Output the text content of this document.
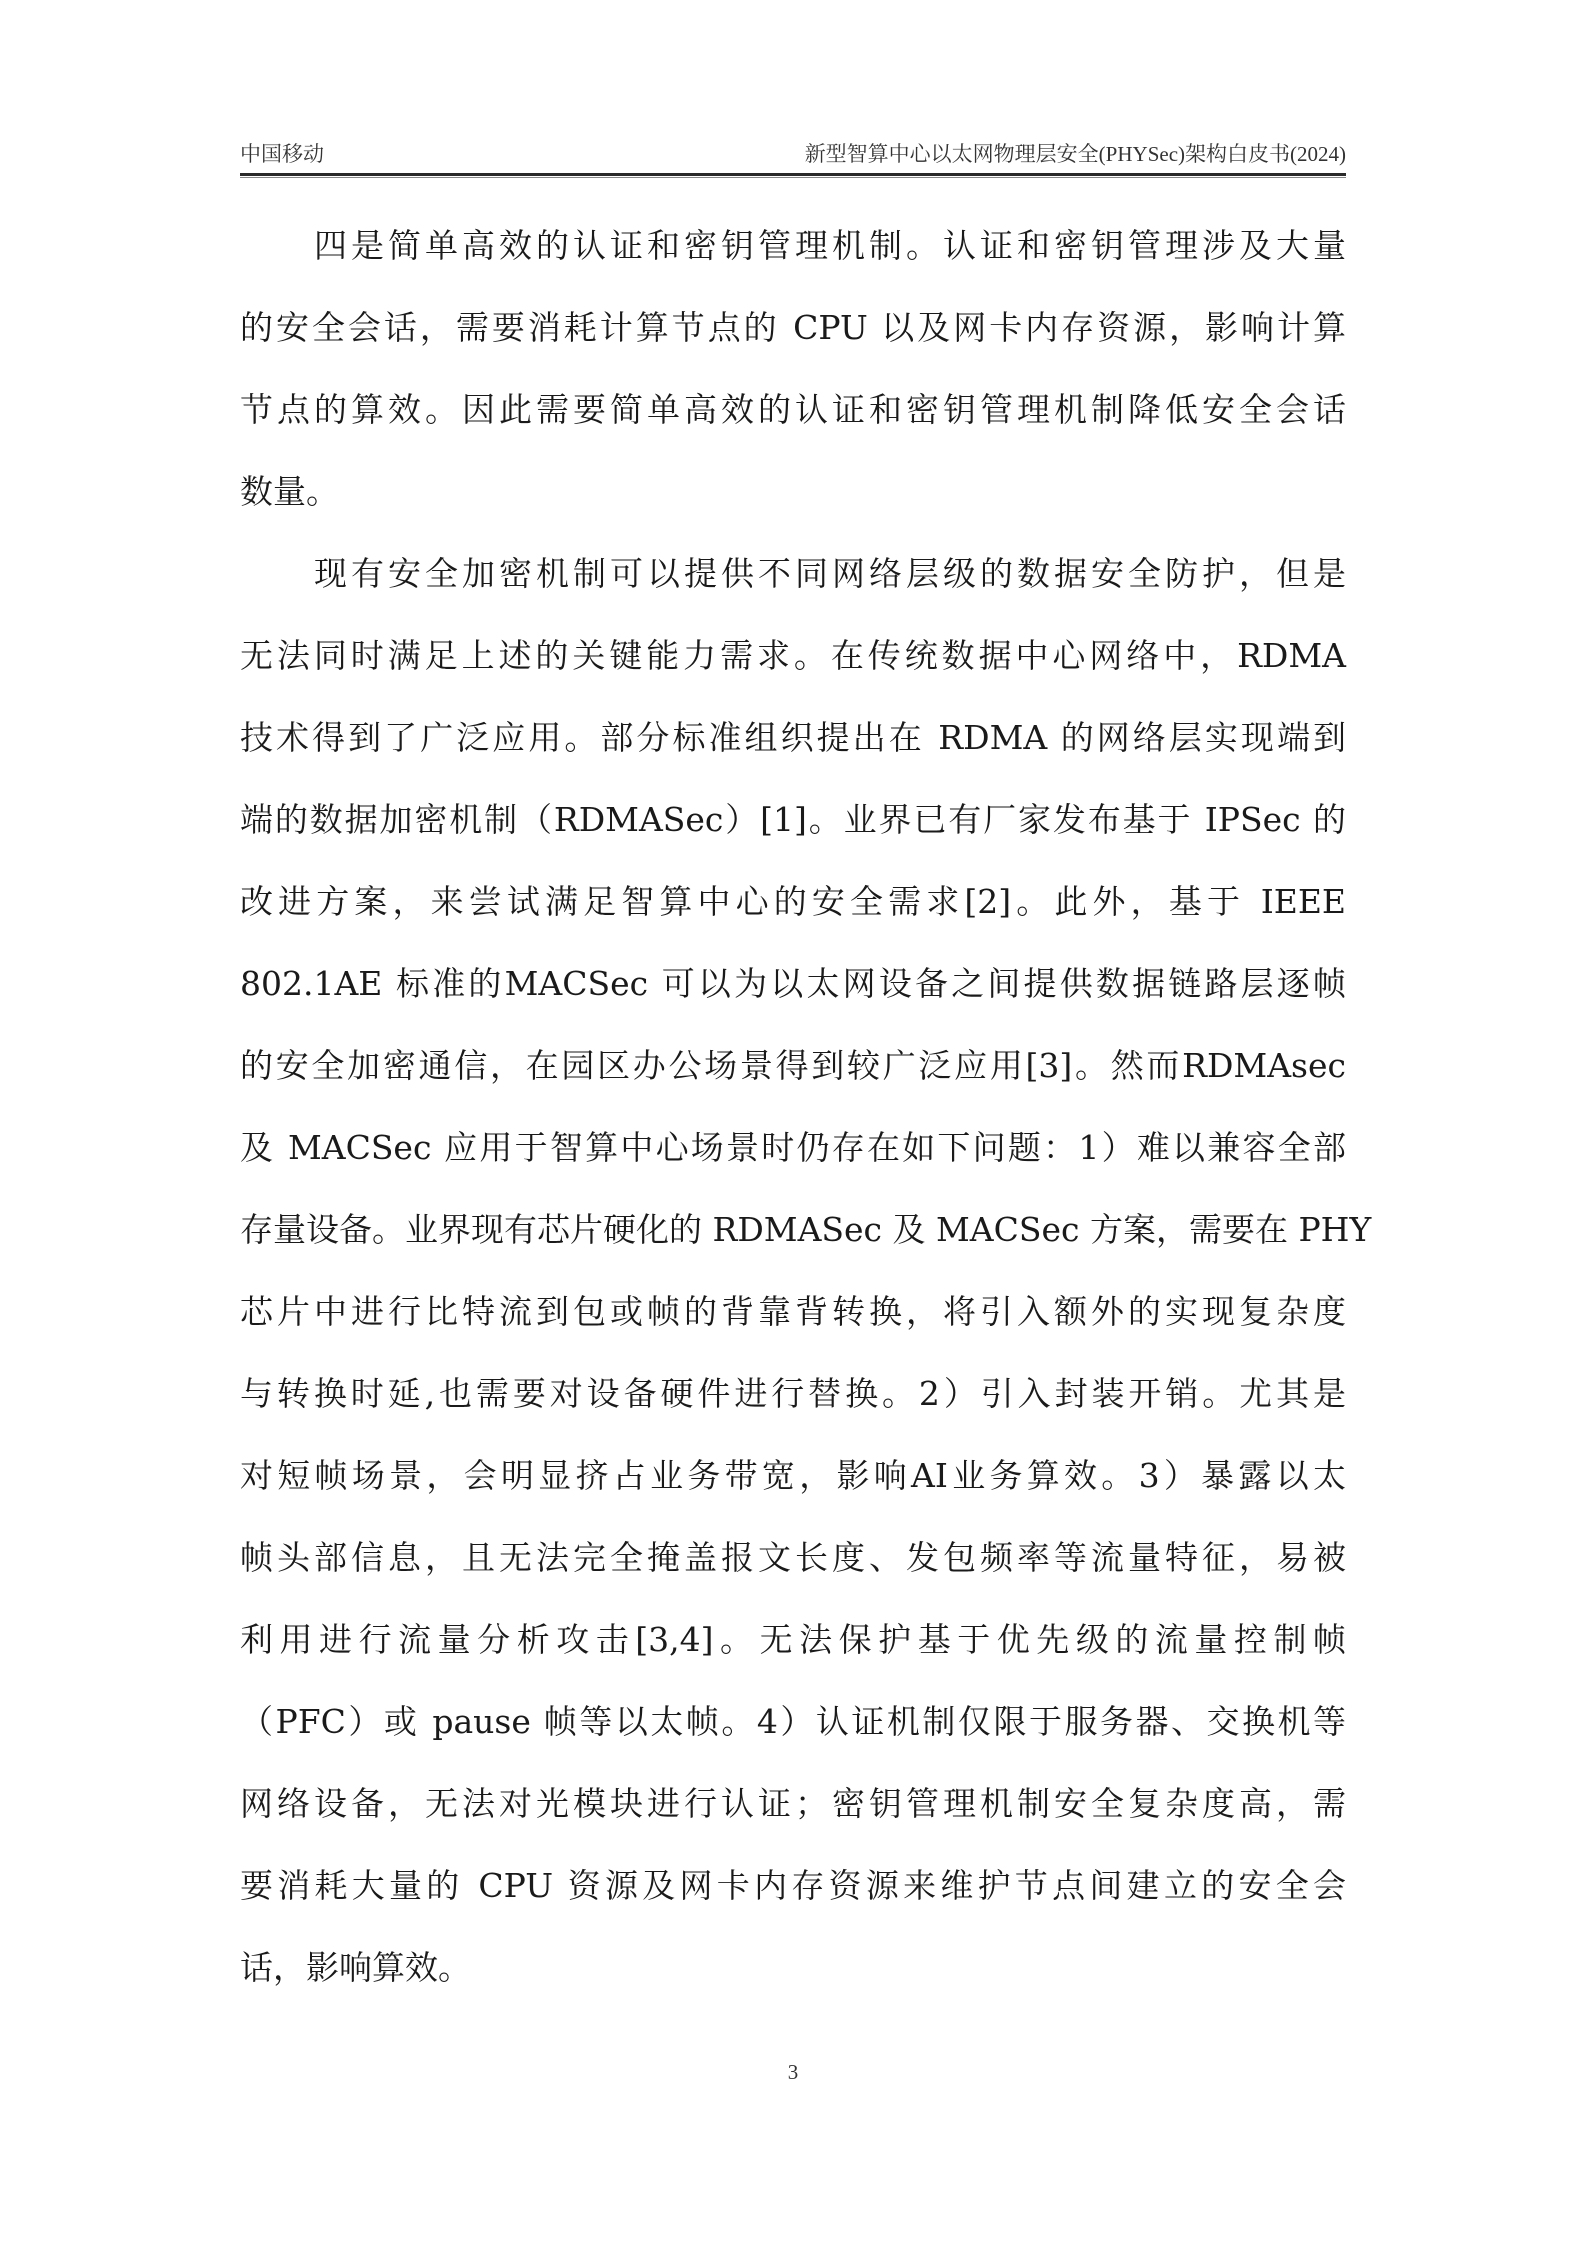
中国移动	新型智算中心以太网物理层安全(PHYSec)架构白皮书(2024)

四是简单高效的认证和密钥管理机制。认证和密钥管理涉及大量
的安全会话，需要消耗计算节点的 CPU 以及网卡内存资源，影响计算
节点的算效。因此需要简单高效的认证和密钥管理机制降低安全会话
数量。

现有安全加密机制可以提供不同网络层级的数据安全防护，但是
无法同时满足上述的关键能力需求。在传统数据中心网络中，RDMA
技术得到了广泛应用。部分标准组织提出在 RDMA 的网络层实现端到
端的数据加密机制（RDMASec）[1]。业界已有厂家发布基于 IPSec 的
改进方案，来尝试满足智算中心的安全需求[2]。此外，基于 IEEE
802.1AE 标准的MACSec 可以为以太网设备之间提供数据链路层逐帧
的安全加密通信，在园区办公场景得到较广泛应用[3]。然而RDMAsec
及 MACSec 应用于智算中心场景时仍存在如下问题：1）难以兼容全部
存量设备。业界现有芯片硬化的 RDMASec 及 MACSec 方案，需要在 PHY
芯片中进行比特流到包或帧的背靠背转换，将引入额外的实现复杂度
与转换时延,也需要对设备硬件进行替换。2）引入封装开销。尤其是
对短帧场景，会明显挤占业务带宽，影响AI业务算效。3）暴露以太
帧头部信息，且无法完全掩盖报文长度、发包频率等流量特征，易被
利用进行流量分析攻击[3,4]。无法保护基于优先级的流量控制帧
（PFC）或 pause 帧等以太帧。4）认证机制仅限于服务器、交换机等
网络设备，无法对光模块进行认证；密钥管理机制安全复杂度高，需
要消耗大量的 CPU 资源及网卡内存资源来维护节点间建立的安全会
话，影响算效。

3
